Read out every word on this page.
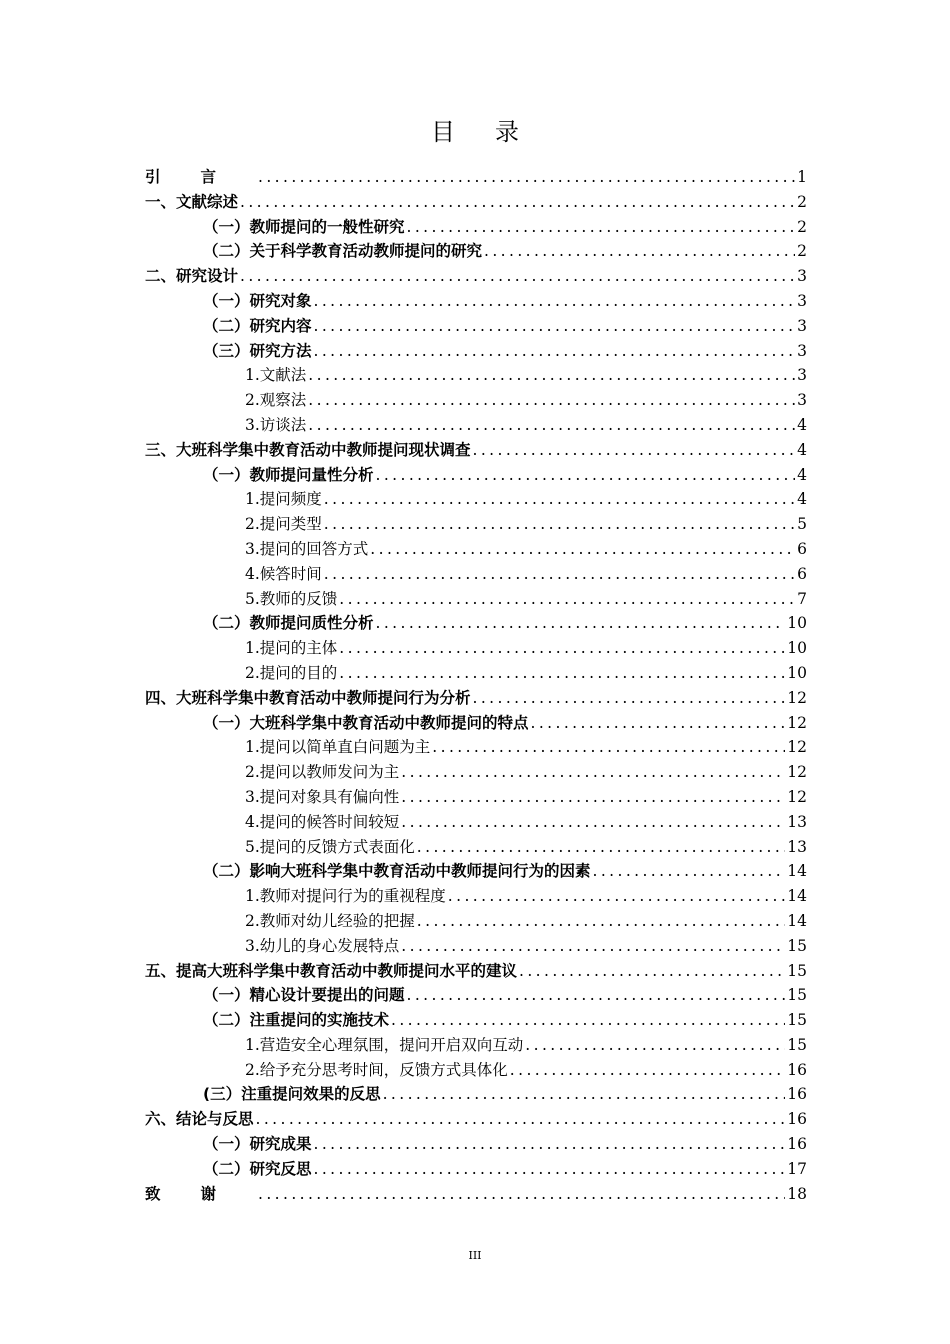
目录
引言 .....	1
一、文献综述 .....	2
（一）教师提问的一般性研究 .....	2
（二）关于科学教育活动教师提问的研究 .....	2
二、研究设计 .....	3
（一）研究对象 .....	3
（二）研究内容 .....	3
（三）研究方法 .....	3
1.文献法 .....	3
2.观察法 .....	3
3.访谈法 .....	4
三、大班科学集中教育活动中教师提问现状调查 .....	4
（一）教师提问量性分析 .....	4
1.提问频度 .....	4
2.提问类型 .....	5
3.提问的回答方式 .....	6
4.候答时间 .....	6
5.教师的反馈 .....	7
（二）教师提问质性分析 .....	10
1.提问的主体 .....	10
2.提问的目的 .....	10
四、大班科学集中教育活动中教师提问行为分析 .....	12
（一）大班科学集中教育活动中教师提问的特点 .....	12
1.提问以简单直白问题为主 .....	12
2.提问以教师发问为主 .....	12
3.提问对象具有偏向性 .....	12
4.提问的候答时间较短 .....	13
5.提问的反馈方式表面化 .....	13
（二）影响大班科学集中教育活动中教师提问行为的因素 .....	14
1.教师对提问行为的重视程度 .....	14
2.教师对幼儿经验的把握 .....	14
3.幼儿的身心发展特点 .....	15
五、提高大班科学集中教育活动中教师提问水平的建议 .....	15
（一）精心设计要提出的问题 .....	15
（二）注重提问的实施技术 .....	15
1.营造安全心理氛围，提问开启双向互动 .....	15
2.给予充分思考时间，反馈方式具体化 .....	16
(三）注重提问效果的反思 .....	16
六、结论与反思 .....	16
（一）研究成果 .....	16
（二）研究反思 .....	17
致谢 .....	18
III
